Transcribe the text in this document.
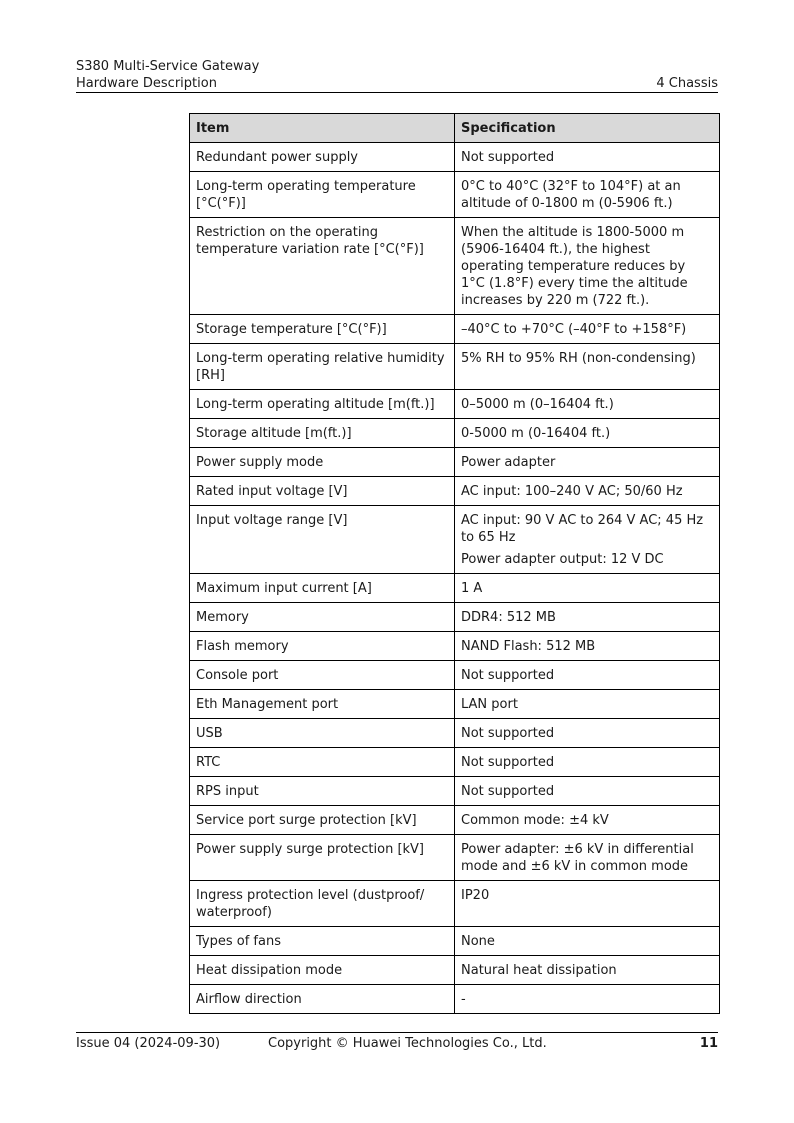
S380 Multi-Service Gateway
Hardware Description	4 Chassis
Item	Specification
Redundant power supply	Not supported

Long-term operating temperature [°C(°F)]	0°C to 40°C (32°F to 104°F) at an altitude of 0-1800 m (0-5906 ft.)

Restriction on the operating temperature variation rate [°C(°F)]	When the altitude is 1800-5000 m (5906-16404 ft.), the highest operating temperature reduces by 1°C (1.8°F) every time the altitude increases by 220 m (722 ft.).

Storage temperature [°C(°F)]	–40°C to +70°C (–40°F to +158°F)

Long-term operating relative humidity [RH]	5% RH to 95% RH (non-condensing)

Long-term operating altitude [m(ft.)]	0–5000 m (0–16404 ft.)

Storage altitude [m(ft.)]	0-5000 m (0-16404 ft.)

Power supply mode	Power adapter

Rated input voltage [V]	AC input: 100–240 V AC; 50/60 Hz

Input voltage range [V]	AC input: 90 V AC to 264 V AC; 45 Hz to 65 Hz
Power adapter output: 12 V DC

Maximum input current [A]	1 A

Memory	DDR4: 512 MB

Flash memory	NAND Flash: 512 MB

Console port	Not supported

Eth Management port	LAN port

USB	Not supported

RTC	Not supported

RPS input	Not supported

Service port surge protection [kV]	Common mode: ±4 kV

Power supply surge protection [kV]	Power adapter: ±6 kV in differential mode and ±6 kV in common mode

Ingress protection level (dustproof/ waterproof)	IP20

Types of fans	None

Heat dissipation mode	Natural heat dissipation

Airflow direction	-
Issue 04 (2024-09-30)	Copyright © Huawei Technologies Co., Ltd.	11
